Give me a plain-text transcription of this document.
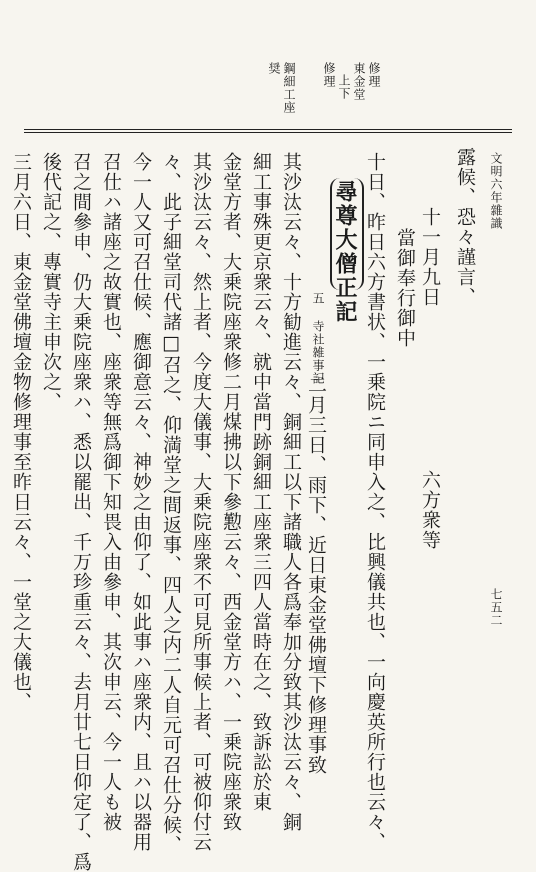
文明六年雜識
七五二
修理
東金堂
上下
修理
鋼細工座
奨
露候、恐々謹言、
十一月九日
當御奉行御中
六方衆等
十日、昨日六方書状、一乗院ニ同申入之、比興儀共也、一向慶英所行也云々、
尋尊大僧正記
五 寺社雑事記
二月三日、雨下、近日東金堂佛壇下修理事致
其沙汰云々、十方勧進云々、銅細工以下諸職人各爲奉加分致其沙汰云々、銅
細工事殊更京衆云々、就中當門跡銅細工座衆三四人當時在之、致訴訟於東
金堂方者、大乗院座衆修二月煤拂以下參懃云々、西金堂方ハ、一乗院座衆致
其沙汰云々、然上者、今度大儀事、大乗院座衆不可見所事候上者、可被仰付云
々、此子細堂司代諸□召之、仰満堂之間返事、四人之内二人自元可召仕分候、
今一人又可召仕候、應御意云々、神妙之由仰了、如此事ハ座衆内、且ハ以器用
召仕ハ諸座之故實也、座衆等無爲御下知畏入由參申、其次申云、今一人も被
召之間參申、仍大乗院座衆ハ、悉以罷出、千万珍重云々、去月廿七日仰定了、爲
後代記之、專實寺主申次之、
三月六日、東金堂佛壇金物修理事至昨日云々、一堂之大儀也、
